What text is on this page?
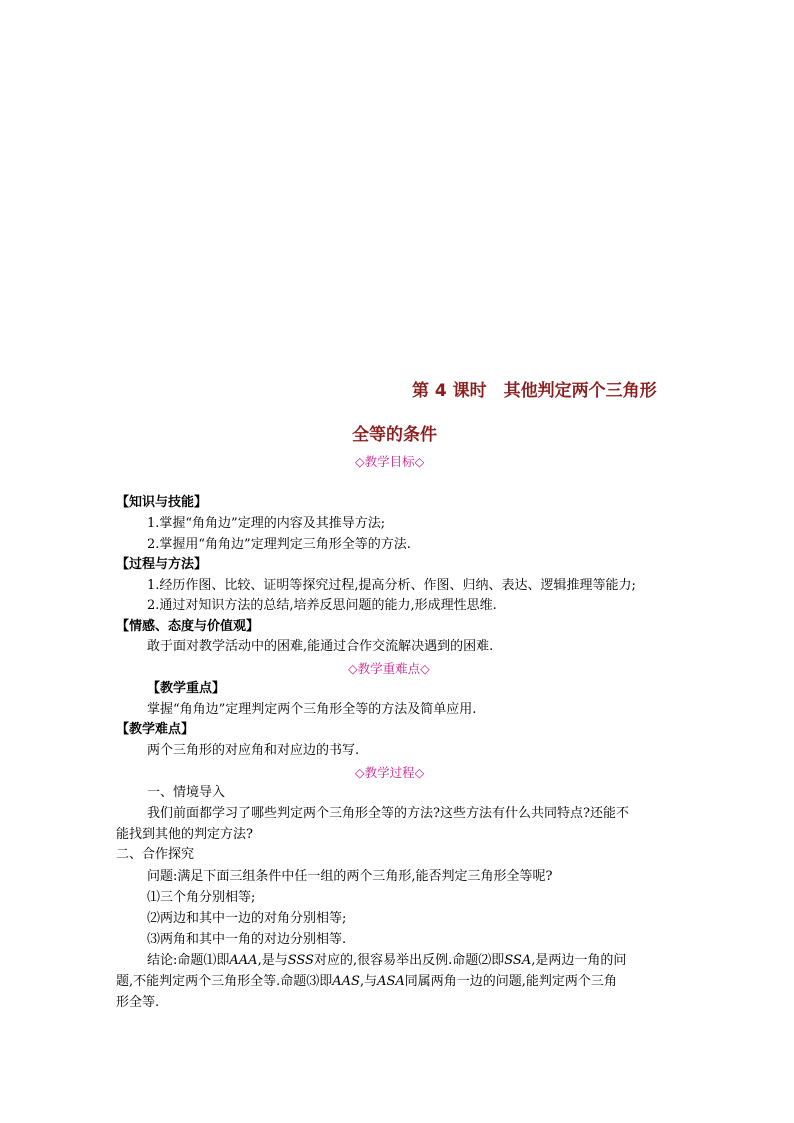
第 4 课时　其他判定两个三角形
全等的条件
◇教学目标◇
【知识与技能】
1.掌握“角角边”定理的内容及其推导方法;
2.掌握用“角角边”定理判定三角形全等的方法.
【过程与方法】
1.经历作图、比较、证明等探究过程,提高分析、作图、归纳、表达、逻辑推理等能力;
2.通过对知识方法的总结,培养反思问题的能力,形成理性思维.
【情感、态度与价值观】
敢于面对教学活动中的困难,能通过合作交流解决遇到的困难.
◇教学重难点◇
【教学重点】
掌握“角角边”定理判定两个三角形全等的方法及简单应用.
【教学难点】
两个三角形的对应角和对应边的书写.
◇教学过程◇
一、情境导入
我们前面都学习了哪些判定两个三角形全等的方法?这些方法有什么共同特点?还能不
能找到其他的判定方法?
二、合作探究
问题:满足下面三组条件中任一组的两个三角形,能否判定三角形全等呢?
⑴三个角分别相等;
⑵两边和其中一边的对角分别相等;
⑶两角和其中一角的对边分别相等.
结论:命题⑴即AAA,是与SSS对应的,很容易举出反例.命题⑵即SSA,是两边一角的问
题,不能判定两个三角形全等.命题⑶即AAS,与ASA同属两角一边的问题,能判定两个三角
形全等.
